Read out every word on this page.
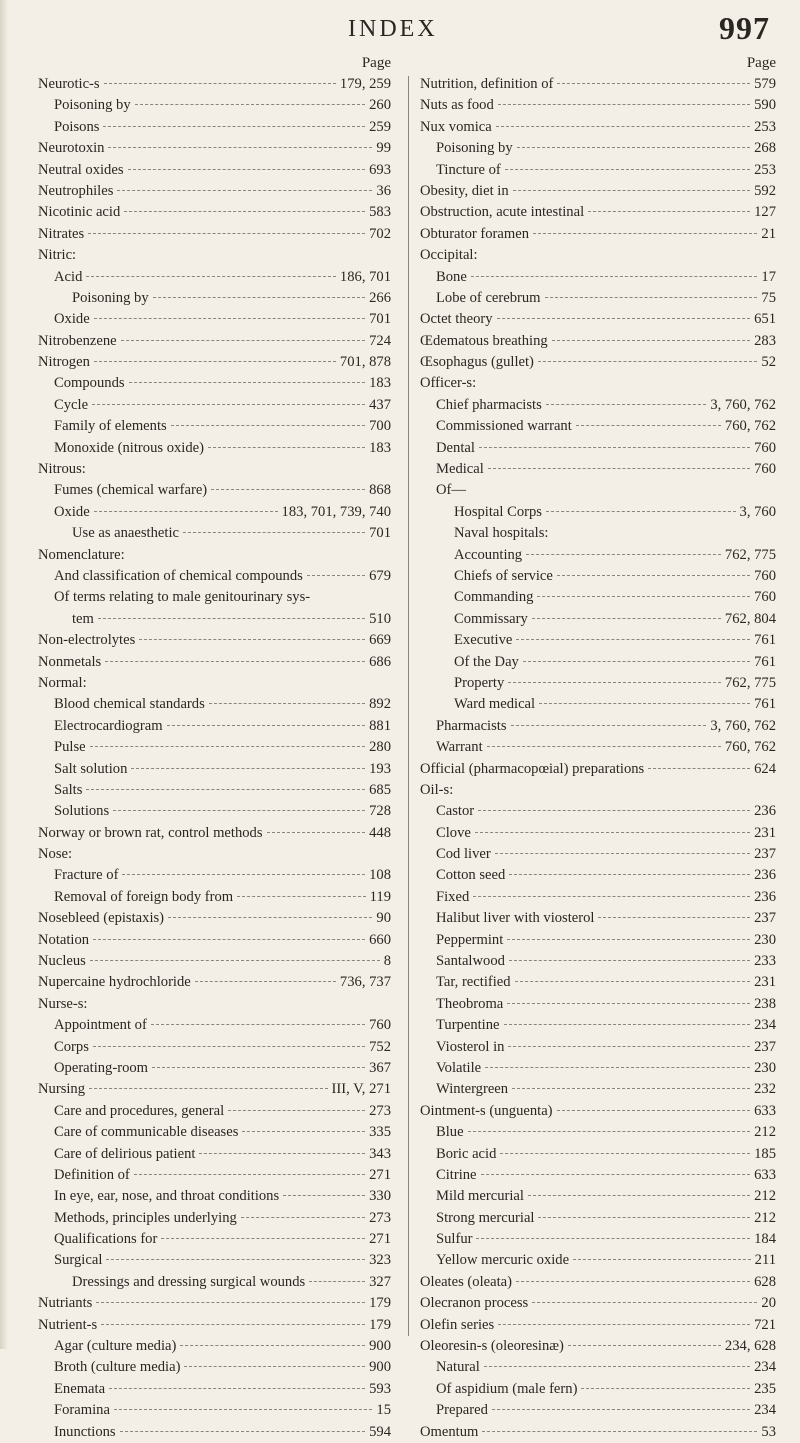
INDEX	997
Page
Neurotic-s	179, 259
Poisoning by	260
Poisons	259
Neurotoxin	99
Neutral oxides	693
Neutrophiles	36
Nicotinic acid	583
Nitrates	702
Nitric:
Acid	186, 701
Poisoning by	266
Oxide	701
Nitrobenzene	724
Nitrogen	701, 878
Compounds	183
Cycle	437
Family of elements	700
Monoxide (nitrous oxide)	183
Nitrous:
Fumes (chemical warfare)	868
Oxide	183, 701, 739, 740
Use as anaesthetic	701
Nomenclature:
And classification of chemical compounds	679
Of terms relating to male genitourinary sys-
tem	510
Non-electrolytes	669
Nonmetals	686
Normal:
Blood chemical standards	892
Electrocardiogram	881
Pulse	280
Salt solution	193
Salts	685
Solutions	728
Norway or brown rat, control methods	448
Nose:
Fracture of	108
Removal of foreign body from	119
Nosebleed (epistaxis)	90
Notation	660
Nucleus	8
Nupercaine hydrochloride	736, 737
Nurse-s:
Appointment of	760
Corps	752
Operating-room	367
Nursing	III, V, 271
Care and procedures, general	273
Care of communicable diseases	335
Care of delirious patient	343
Definition of	271
In eye, ear, nose, and throat conditions	330
Methods, principles underlying	273
Qualifications for	271
Surgical	323
Dressings and dressing surgical wounds	327
Nutriants	179
Nutrient-s	179
Agar (culture media)	900
Broth (culture media)	900
Enemata	593
Foramina	15
Inunctions	594
Page
Nutrition, definition of	579
Nuts as food	590
Nux vomica	253
Poisoning by	268
Tincture of	253
Obesity, diet in	592
Obstruction, acute intestinal	127
Obturator foramen	21
Occipital:
Bone	17
Lobe of cerebrum	75
Octet theory	651
Œdematous breathing	283
Œsophagus (gullet)	52
Officer-s:
Chief pharmacists	3, 760, 762
Commissioned warrant	760, 762
Dental	760
Medical	760
Of—
Hospital Corps	3, 760
Naval hospitals:
Accounting	762, 775
Chiefs of service	760
Commanding	760
Commissary	762, 804
Executive	761
Of the Day	761
Property	762, 775
Ward medical	761
Pharmacists	3, 760, 762
Warrant	760, 762
Official (pharmacopœial) preparations	624
Oil-s:
Castor	236
Clove	231
Cod liver	237
Cotton seed	236
Fixed	236
Halibut liver with viosterol	237
Peppermint	230
Santalwood	233
Tar, rectified	231
Theobroma	238
Turpentine	234
Viosterol in	237
Volatile	230
Wintergreen	232
Ointment-s (unguenta)	633
Blue	212
Boric acid	185
Citrine	633
Mild mercurial	212
Strong mercurial	212
Sulfur	184
Yellow mercuric oxide	211
Oleates (oleata)	628
Olecranon process	20
Olefin series	721
Oleoresin-s (oleoresinæ)	234, 628
Natural	234
Of aspidium (male fern)	235
Prepared	234
Omentum	53
